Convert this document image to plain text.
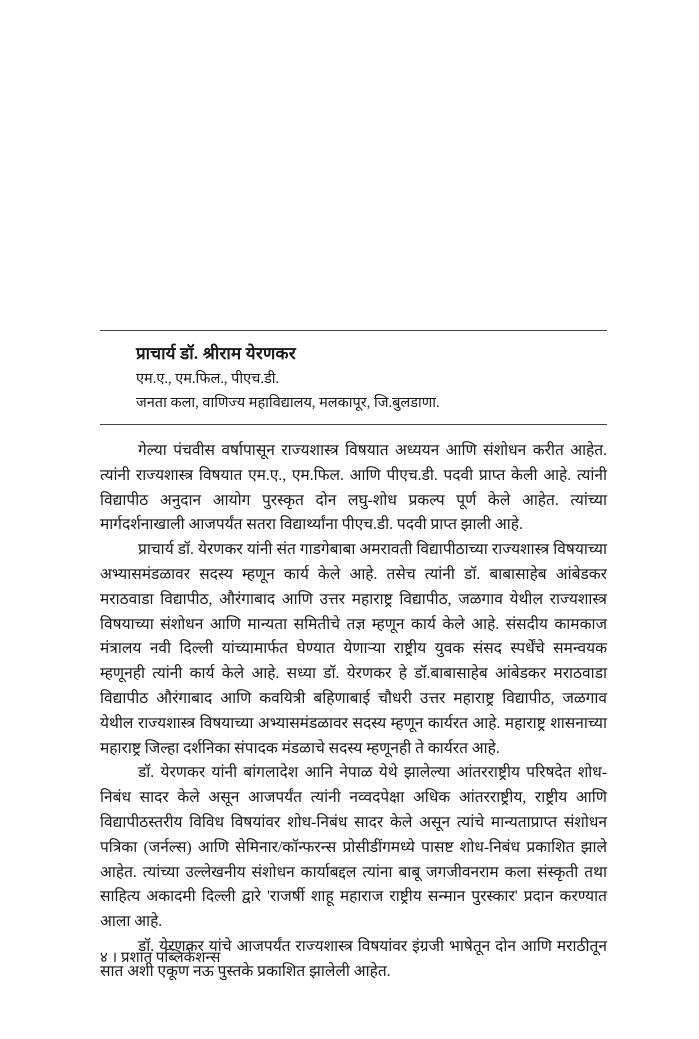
प्राचार्य डॉ. श्रीराम येरणकर
एम.ए., एम.फिल., पीएच.डी.
जनता कला, वाणिज्य महाविद्यालय, मलकापूर, जि.बुलडाणा.

गेल्या पंचवीस वर्षापासून राज्यशास्त्र विषयात अध्ययन आणि संशोधन करीत आहेत. त्यांनी राज्यशास्त्र विषयात एम.ए., एम.फिल. आणि पीएच.डी. पदवी प्राप्त केली आहे. त्यांनी विद्यापीठ अनुदान आयोग पुरस्कृत दोन लघु-शोध प्रकल्प पूर्ण केले आहेत. त्यांच्या मार्गदर्शनाखाली आजपर्यंत सतरा विद्यार्थ्यांना पीएच.डी. पदवी प्राप्त झाली आहे.

प्राचार्य डॉ. येरणकर यांनी संत गाडगेबाबा अमरावती विद्यापीठाच्या राज्यशास्त्र विषयाच्या अभ्यासमंडळावर सदस्य म्हणून कार्य केले आहे. तसेच त्यांनी डॉ. बाबासाहेब आंबेडकर मराठवाडा विद्यापीठ, औरंगाबाद आणि उत्तर महाराष्ट्र विद्यापीठ, जळगाव येथील राज्यशास्त्र विषयाच्या संशोधन आणि मान्यता समितीचे तज्ञ म्हणून कार्य केले आहे. संसदीय कामकाज मंत्रालय नवी दिल्ली यांच्यामार्फत घेण्यात येणाऱ्या राष्ट्रीय युवक संसद स्पर्धेंचे समन्वयक म्हणूनही त्यांनी कार्य केले आहे. सध्या डॉ. येरणकर हे डॉ.बाबासाहेब आंबेडकर मराठवाडा विद्यापीठ औरंगाबाद आणि कवयित्री बहिणाबाई चौधरी उत्तर महाराष्ट्र विद्यापीठ, जळगाव येथील राज्यशास्त्र विषयाच्या अभ्यासमंडळावर सदस्य म्हणून कार्यरत आहे. महाराष्ट्र शासनाच्या महाराष्ट्र जिल्हा दर्शनिका संपादक मंडळाचे सदस्य म्हणूनही ते कार्यरत आहे.

डॉ. येरणकर यांनी बांगलादेश आनि नेपाळ येथे झालेल्या आंतरराष्ट्रीय परिषदेत शोध-निबंध सादर केले असून आजपर्यंत त्यांनी नव्वदपेक्षा अधिक आंतरराष्ट्रीय, राष्ट्रीय आणि विद्यापीठस्तरीय विविध विषयांवर शोध-निबंध सादर केले असून त्यांचे मान्यताप्राप्त संशोधन पत्रिका (जर्नल्स) आणि सेमिनार/कॉन्फरन्स प्रोसीडींगमध्ये पासष्ट शोध-निबंध प्रकाशित झाले आहेत. त्यांच्या उल्लेखनीय संशोधन कार्याबद्दल त्यांना बाबू जगजीवनराम कला संस्कृती तथा साहित्य अकादमी दिल्ली द्वारे 'राजर्षी शाहू महाराज राष्ट्रीय सन्मान पुरस्कार' प्रदान करण्यात आला आहे.

डॉ. येरणकर यांचे आजपर्यंत राज्यशास्त्र विषयांवर इंग्रजी भाषेतून दोन आणि मराठीतून सात अशी एकूण नऊ पुस्तके प्रकाशित झालेली आहेत.

४ । प्रशांत पब्लिकेशन्स
